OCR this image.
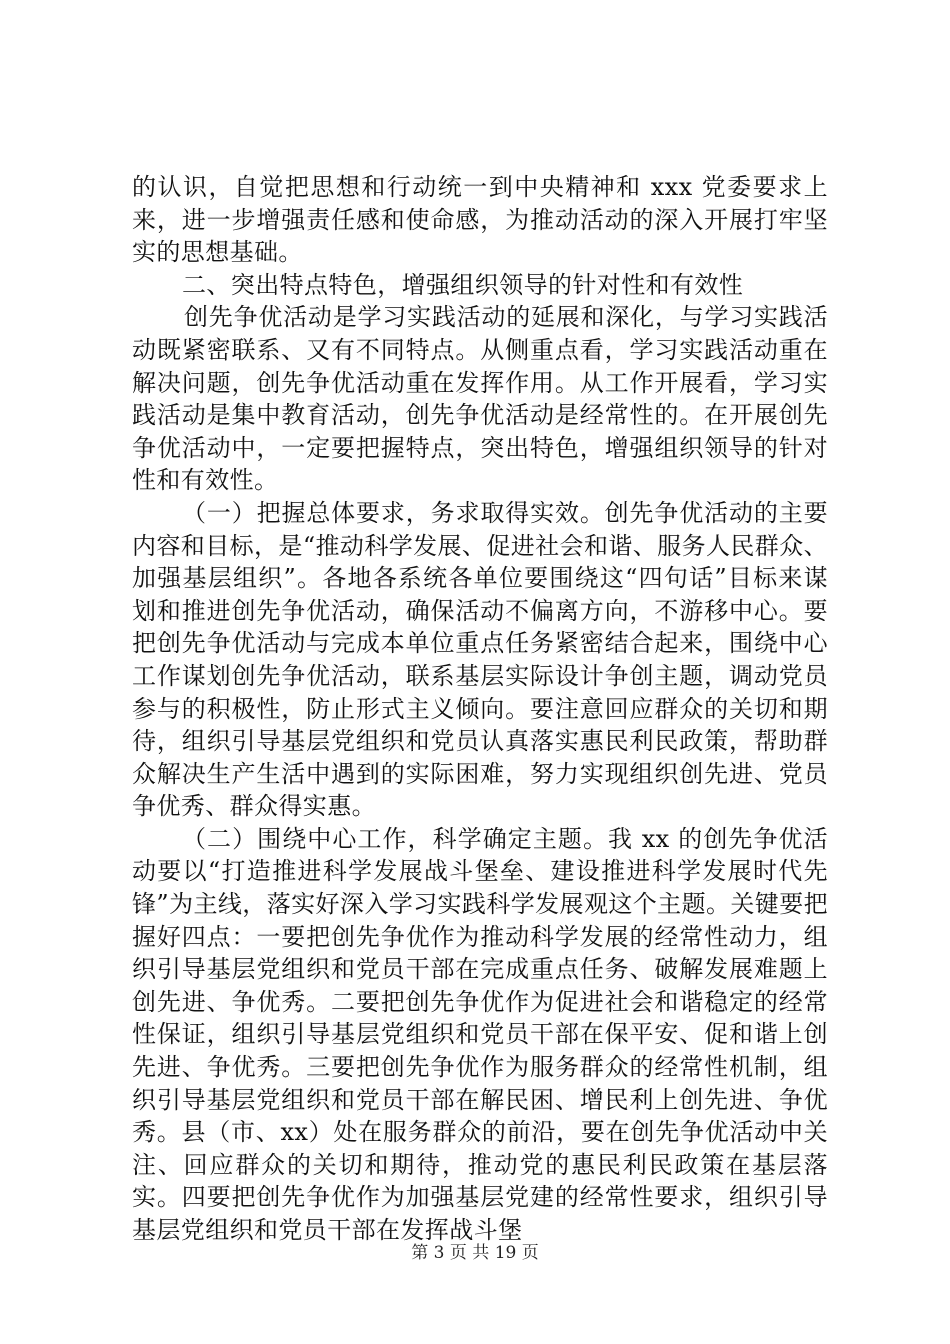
的认识，自觉把思想和行动统一到中央精神和 xxx 党委要求上来，进一步增强责任感和使命感，为推动活动的深入开展打牢坚实的思想基础。

二、突出特点特色，增强组织领导的针对性和有效性

创先争优活动是学习实践活动的延展和深化，与学习实践活动既紧密联系、又有不同特点。从侧重点看，学习实践活动重在解决问题，创先争优活动重在发挥作用。从工作开展看，学习实践活动是集中教育活动，创先争优活动是经常性的。在开展创先争优活动中，一定要把握特点，突出特色，增强组织领导的针对性和有效性。

（一）把握总体要求，务求取得实效。创先争优活动的主要内容和目标，是“推动科学发展、促进社会和谐、服务人民群众、加强基层组织”。各地各系统各单位要围绕这“四句话”目标来谋划和推进创先争优活动，确保活动不偏离方向，不游移中心。要把创先争优活动与完成本单位重点任务紧密结合起来，围绕中心工作谋划创先争优活动，联系基层实际设计争创主题，调动党员参与的积极性，防止形式主义倾向。要注意回应群众的关切和期待，组织引导基层党组织和党员认真落实惠民利民政策，帮助群众解决生产生活中遇到的实际困难，努力实现组织创先进、党员争优秀、群众得实惠。

（二）围绕中心工作，科学确定主题。我 xx 的创先争优活动要以“打造推进科学发展战斗堡垒、建设推进科学发展时代先锋”为主线，落实好深入学习实践科学发展观这个主题。关键要把握好四点：一要把创先争优作为推动科学发展的经常性动力，组织引导基层党组织和党员干部在完成重点任务、破解发展难题上创先进、争优秀。二要把创先争优作为促进社会和谐稳定的经常性保证，组织引导基层党组织和党员干部在保平安、促和谐上创先进、争优秀。三要把创先争优作为服务群众的经常性机制，组织引导基层党组织和党员干部在解民困、增民利上创先进、争优秀。县（市、xx）处在服务群众的前沿，要在创先争优活动中关注、回应群众的关切和期待，推动党的惠民利民政策在基层落实。四要把创先争优作为加强基层党建的经常性要求，组织引导基层党组织和党员干部在发挥战斗堡

第 3 页 共 19 页
